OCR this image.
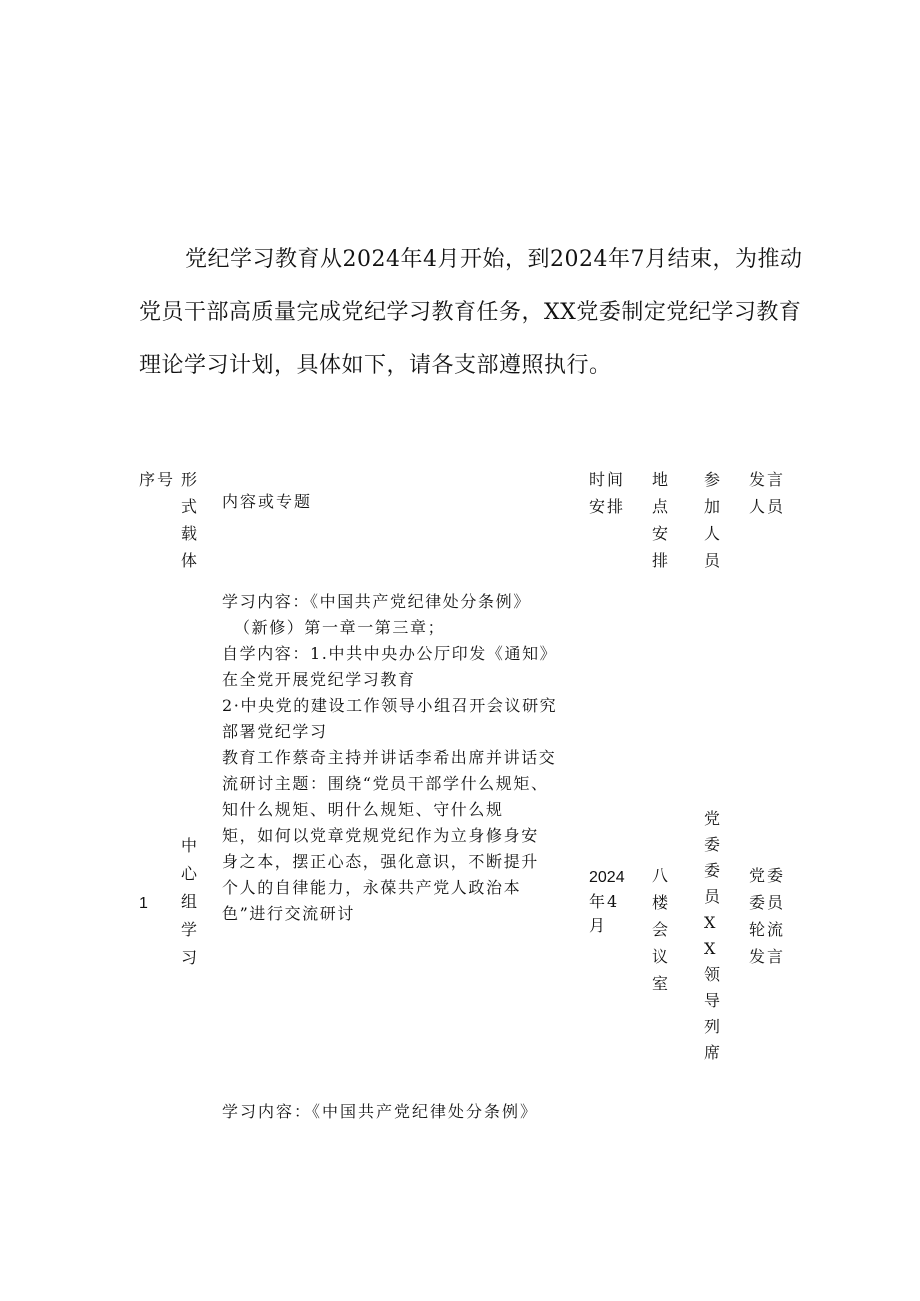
党纪学习教育从2024年4月开始，到2024年7月结束，为推动党员干部高质量完成党纪学习教育任务，XX党委制定党纪学习教育理论学习计划，具体如下，请各支部遵照执行。
序号 形式载体
内容或专题
时间安排
地点安排
参加人员
发言人员
1
中心组学习
学习内容：《中国共产党纪律处分条例》
（新修）第一章一第三章；
自学内容：1.中共中央办公厅印发《通知》
在全党开展党纪学习教育
2·中央党的建设工作领导小组召开会议研究
部署党纪学习
教育工作蔡奇主持并讲话李希出席并讲话交
流研讨主题：围绕“党员干部学什么规矩、
知什么规矩、明什么规矩、守什么规
矩，如何以党章党规党纪作为立身修身安
身之本，摆正心态，强化意识，不断提升
个人的自律能力，永葆共产党人政治本
色”进行交流研讨
2024
年4
月
八楼会议室
党委委员XX领导列席
党委委员轮流发言
学习内容：《中国共产党纪律处分条例》
